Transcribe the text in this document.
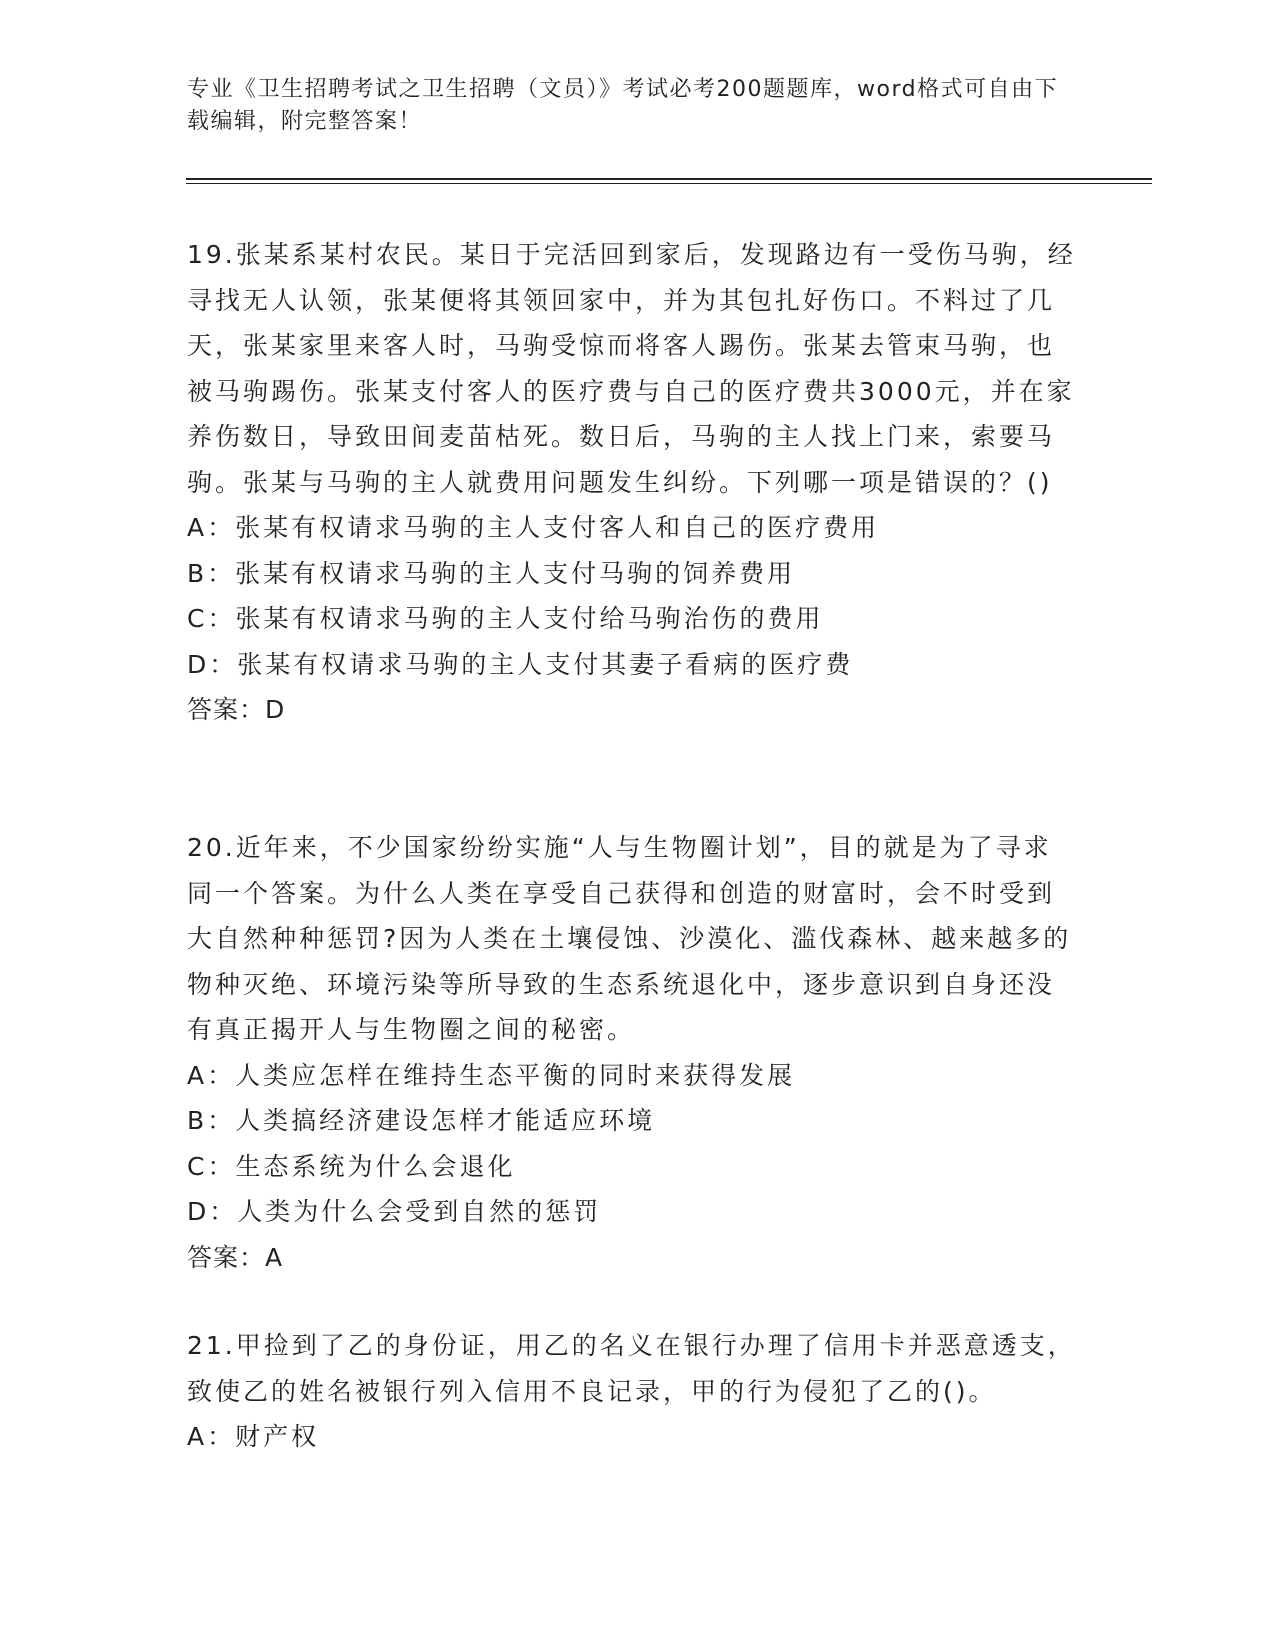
专业《卫生招聘考试之卫生招聘（文员）》考试必考200题题库，word格式可自由下载编辑，附完整答案！

19.张某系某村农民。某日于完活回到家后，发现路边有一受伤马驹，经寻找无人认领，张某便将其领回家中，并为其包扎好伤口。不料过了几天，张某家里来客人时，马驹受惊而将客人踢伤。张某去管束马驹，也被马驹踢伤。张某支付客人的医疗费与自己的医疗费共3000元，并在家养伤数日，导致田间麦苗枯死。数日后，马驹的主人找上门来，索要马驹。张某与马驹的主人就费用问题发生纠纷。下列哪一项是错误的？()

A：张某有权请求马驹的主人支付客人和自己的医疗费用

B：张某有权请求马驹的主人支付马驹的饲养费用

C：张某有权请求马驹的主人支付给马驹治伤的费用

D：张某有权请求马驹的主人支付其妻子看病的医疗费

答案：D

20.近年来，不少国家纷纷实施“人与生物圈计划”，目的就是为了寻求同一个答案。为什么人类在享受自己获得和创造的财富时，会不时受到大自然种种惩罚?因为人类在土壤侵蚀、沙漠化、滥伐森林、越来越多的物种灭绝、环境污染等所导致的生态系统退化中，逐步意识到自身还没有真正揭开人与生物圈之间的秘密。

A：人类应怎样在维持生态平衡的同时来获得发展

B：人类搞经济建设怎样才能适应环境

C：生态系统为什么会退化

D：人类为什么会受到自然的惩罚

答案：A

21.甲捡到了乙的身份证，用乙的名义在银行办理了信用卡并恶意透支，致使乙的姓名被银行列入信用不良记录，甲的行为侵犯了乙的()。

A：财产权
